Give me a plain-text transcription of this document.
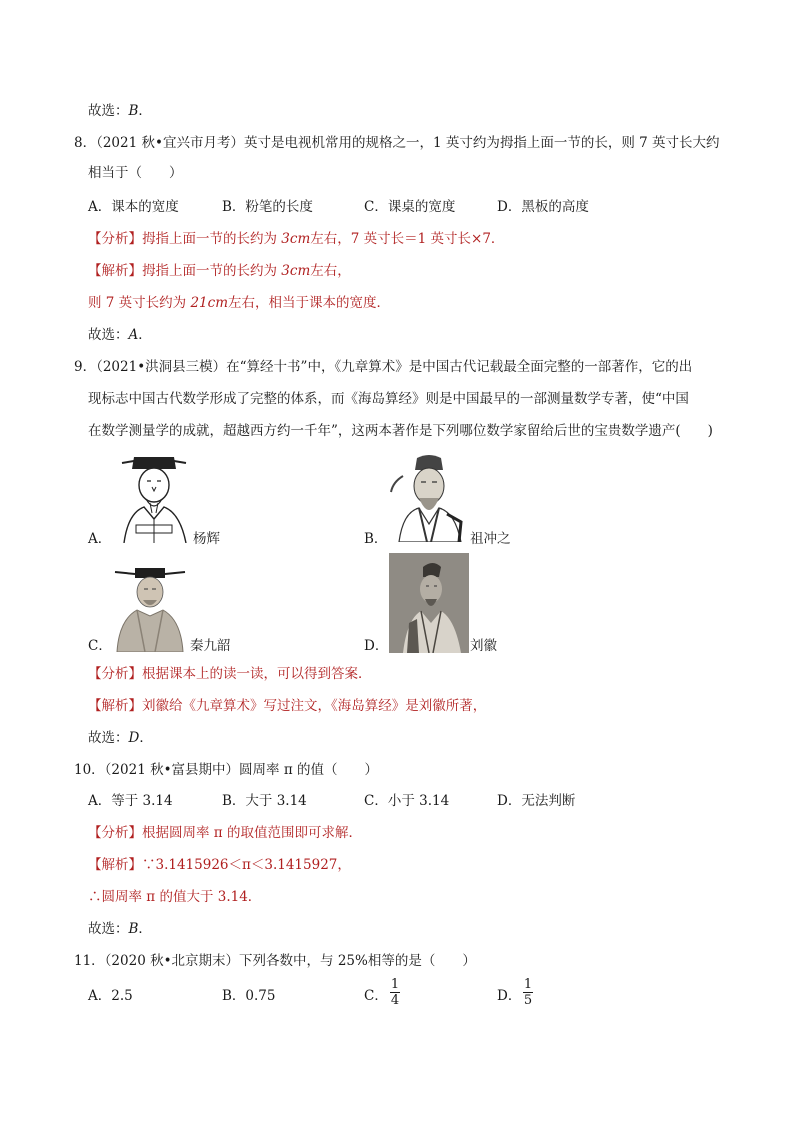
故选：B．
8．（2021 秋•宜兴市月考）英寸是电视机常用的规格之一，1 英寸约为拇指上面一节的长，则 7 英寸长大约
相当于（　　）
A．课本的宽度	B．粉笔的长度	C．课桌的宽度	D．黑板的高度
【分析】拇指上面一节的长约为 3cm左右，7 英寸长＝1 英寸长×7．
【解析】拇指上面一节的长约为 3cm左右，
则 7 英寸长约为 21cm左右，相当于课本的宽度．
故选：A．
9．（2021•洪洞县三模）在“算经十书”中，《九章算术》是中国古代记载最全面完整的一部著作，它的出
现标志中国古代数学形成了完整的体系，而《海岛算经》则是中国最早的一部测量数学专著，使“中国
在数学测量学的成就，超越西方约一千年”，这两本著作是下列哪位数学家留给后世的宝贵数学遗产(　　)
A．	杨辉	B．	祖冲之
C．	秦九韶	D．	刘徽
【分析】根据课本上的读一读，可以得到答案．
【解析】刘徽给《九章算术》写过注文，《海岛算经》是刘徽所著，
故选：D．
10．（2021 秋•富县期中）圆周率 π 的值（　　）
A．等于 3.14	B．大于 3.14	C．小于 3.14	D．无法判断
【分析】根据圆周率 π 的取值范围即可求解．
【解析】∵3.1415926＜π＜3.1415927，
∴圆周率 π 的值大于 3.14．
故选：B．
11．（2020 秋•北京期末）下列各数中，与 25%相等的是（　　）
A．2.5	B．0.75	C．
1
4	D．
1
5
